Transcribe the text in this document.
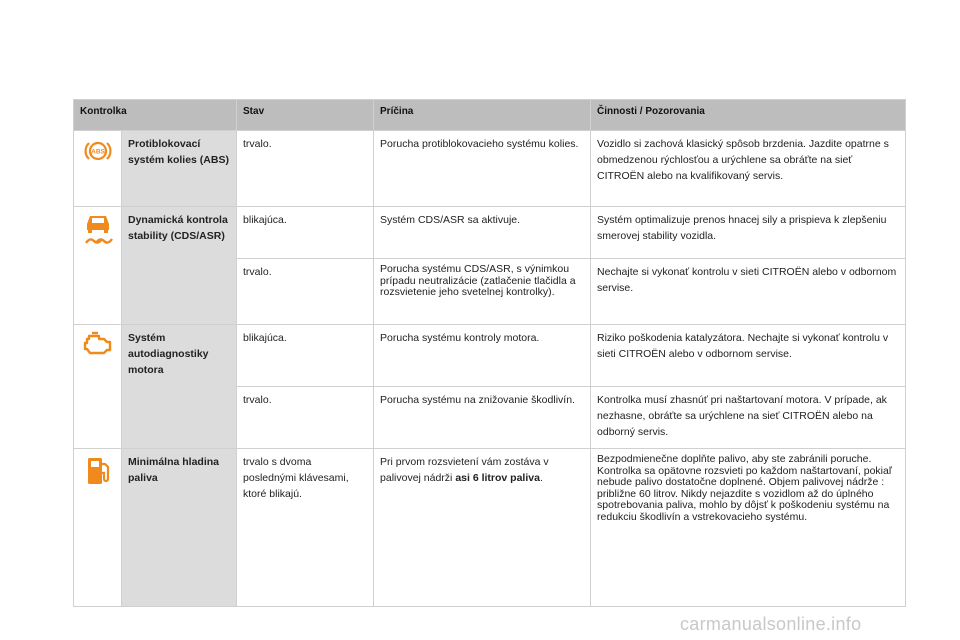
Kontrolka		Stav	Príčina	Činnosti / Pozorovania

ABS	Protiblokovací systém kolies (ABS)	trvalo.	Porucha protiblokovacieho systému kolies.	Vozidlo si zachová klasický spôsob brzdenia. Jazdite opatrne s obmedzenou rýchlosťou a urýchlene sa obráťte na sieť CITROËN alebo na kvalifikovaný servis.
	Dynamická kontrola stability (CDS/ASR)	blikajúca.	Systém CDS/ASR sa aktivuje.	Systém optimalizuje prenos hnacej sily a prispieva k zlepšeniu smerovej stability vozidla.
		trvalo.	Porucha systému CDS/ASR, s výnimkou prípadu neutralizácie (zatlačenie tlačidla a rozsvietenie jeho svetelnej kontrolky).	Nechajte si vykonať kontrolu v sieti CITROËN alebo v odbornom servise.
	Systém autodiagnostiky motora	blikajúca.	Porucha systému kontroly motora.	Riziko poškodenia katalyzátora. Nechajte si vykonať kontrolu v sieti CITROËN alebo v odbornom servise.
		trvalo.	Porucha systému na znižovanie škodlivín.	Kontrolka musí zhasnúť pri naštartovaní motora. V prípade, ak nezhasne, obráťte sa urýchlene na sieť CITROËN alebo na odborný servis.
	Minimálna hladina paliva	trvalo s dvoma poslednými klávesami, ktoré blikajú.	Pri prvom rozsvietení vám zostáva v palivovej nádrži asi 6 litrov paliva.	Bezpodmienečne doplňte palivo, aby ste zabránili poruche. Kontrolka sa opätovne rozsvieti po každom naštartovaní, pokiaľ nebude palivo dostatočne doplnené. Objem palivovej nádrže : približne 60 litrov. Nikdy nejazdite s vozidlom až do úplného spotrebovania paliva, mohlo by dôjsť k poškodeniu systému na redukciu škodlivín a vstrekovacieho systému.
carmanualsonline.info
